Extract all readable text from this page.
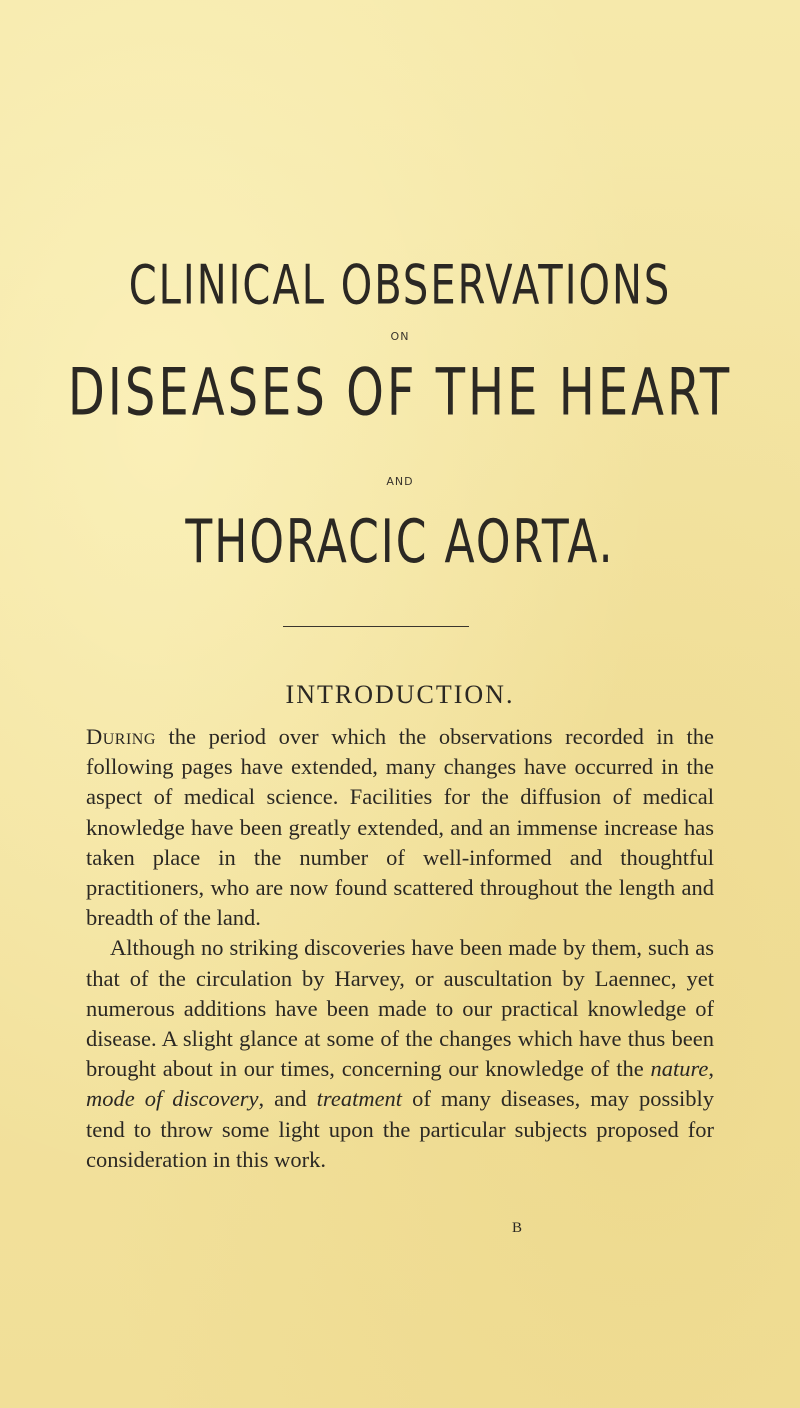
CLINICAL OBSERVATIONS
ON
DISEASES OF THE HEART
AND
THORACIC AORTA.
INTRODUCTION.

During the period over which the observations recorded in the following pages have extended, many changes have occurred in the aspect of medical science. Facilities for the diffusion of medical knowledge have been greatly extended, and an immense increase has taken place in the number of well-informed and thoughtful practitioners, who are now found scattered throughout the length and breadth of the land.

Although no striking discoveries have been made by them, such as that of the circulation by Harvey, or auscultation by Laennec, yet numerous additions have been made to our practical knowledge of disease. A slight glance at some of the changes which have thus been brought about in our times, concerning our knowledge of the nature, mode of discovery, and treatment of many diseases, may possibly tend to throw some light upon the particular subjects proposed for consideration in this work.

B
